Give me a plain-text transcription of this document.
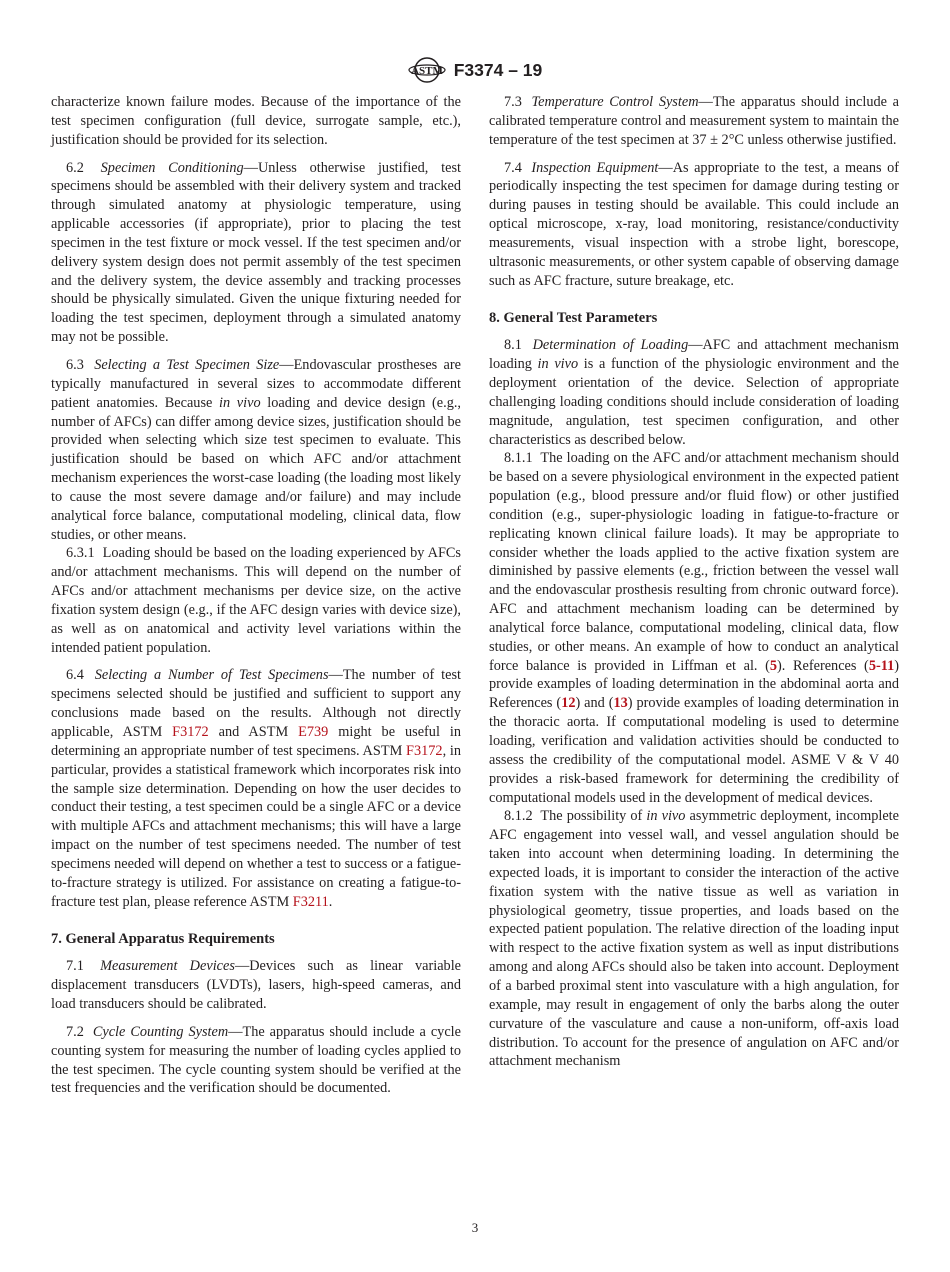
ASTM F3374 – 19

characterize known failure modes. Because of the importance of the test specimen configuration (full device, surrogate sample, etc.), justification should be provided for its selection.

6.2 Specimen Conditioning—Unless otherwise justified, test specimens should be assembled with their delivery system and tracked through simulated anatomy at physiologic temperature, using applicable accessories (if appropriate), prior to placing the test specimen in the test fixture or mock vessel. If the test specimen and/or delivery system design does not permit assembly of the test specimen and the delivery system, the device assembly and tracking processes should be physically simulated. Given the unique fixturing needed for loading the test specimen, deployment through a simulated anatomy may not be possible.

6.3 Selecting a Test Specimen Size—Endovascular prostheses are typically manufactured in several sizes to accommodate different patient anatomies. Because in vivo loading and device design (e.g., number of AFCs) can differ among device sizes, justification should be provided when selecting which size test specimen to evaluate. This justification should be based on which AFC and/or attachment mechanism experiences the worst-case loading (the loading most likely to cause the most severe damage and/or failure) and may include analytical force balance, computational modeling, clinical data, flow studies, or other means.

6.3.1 Loading should be based on the loading experienced by AFCs and/or attachment mechanisms. This will depend on the number of AFCs and/or attachment mechanisms per device size, on the active fixation system design (e.g., if the AFC design varies with device size), as well as on anatomical and activity level variations within the intended patient population.

6.4 Selecting a Number of Test Specimens—The number of test specimens selected should be justified and sufficient to support any conclusions made based on the results. Although not directly applicable, ASTM F3172 and ASTM E739 might be useful in determining an appropriate number of test specimens. ASTM F3172, in particular, provides a statistical framework which incorporates risk into the sample size determination. Depending on how the user decides to conduct their testing, a test specimen could be a single AFC or a device with multiple AFCs and attachment mechanisms; this will have a large impact on the number of test specimens needed. The number of test specimens needed will depend on whether a test to success or a fatigue-to-fracture strategy is utilized. For assistance on creating a fatigue-to-fracture test plan, please reference ASTM F3211.

7. General Apparatus Requirements

7.1 Measurement Devices—Devices such as linear variable displacement transducers (LVDTs), lasers, high-speed cameras, and load transducers should be calibrated.

7.2 Cycle Counting System—The apparatus should include a cycle counting system for measuring the number of loading cycles applied to the test specimen. The cycle counting system should be verified at the test frequencies and the verification should be documented.

7.3 Temperature Control System—The apparatus should include a calibrated temperature control and measurement system to maintain the temperature of the test specimen at 37 ± 2°C unless otherwise justified.

7.4 Inspection Equipment—As appropriate to the test, a means of periodically inspecting the test specimen for damage during testing or during pauses in testing should be available. This could include an optical microscope, x-ray, load monitoring, resistance/conductivity measurements, visual inspection with a strobe light, borescope, ultrasonic measurements, or other system capable of observing damage such as AFC fracture, suture breakage, etc.

8. General Test Parameters

8.1 Determination of Loading—AFC and attachment mechanism loading in vivo is a function of the physiologic environment and the deployment orientation of the device. Selection of appropriate challenging loading conditions should include consideration of loading magnitude, angulation, test specimen configuration, and other characteristics as described below.

8.1.1 The loading on the AFC and/or attachment mechanism should be based on a severe physiological environment in the expected patient population (e.g., blood pressure and/or fluid flow) or other justified condition (e.g., super-physiologic loading in fatigue-to-fracture or replicating known clinical failure loads). It may be appropriate to consider whether the loads applied to the active fixation system are diminished by passive elements (e.g., friction between the vessel wall and the endovascular prosthesis resulting from chronic outward force). AFC and attachment mechanism loading can be determined by analytical force balance, computational modeling, clinical data, flow studies, or other means. An example of how to conduct an analytical force balance is provided in Liffman et al. (5). References (5-11) provide examples of loading determination in the abdominal aorta and References (12) and (13) provide examples of loading determination in the thoracic aorta. If computational modeling is used to determine loading, verification and validation activities should be conducted to assess the credibility of the computational model. ASME V & V 40 provides a risk-based framework for determining the credibility of computational models used in the development of medical devices.

8.1.2 The possibility of in vivo asymmetric deployment, incomplete AFC engagement into vessel wall, and vessel angulation should be taken into account when determining loading. In determining the expected loads, it is important to consider the interaction of the active fixation system with the native tissue as well as variation in physiological geometry, tissue properties, and loads based on the expected patient population. The relative direction of the loading input with respect to the active fixation system as well as input distributions among and along AFCs should also be taken into account. Deployment of a barbed proximal stent into vasculature with a high angulation, for example, may result in engagement of only the barbs along the outer curvature of the vasculature and cause a non-uniform, off-axis load distribution. To account for the presence of angulation on AFC and/or attachment mechanism

3
